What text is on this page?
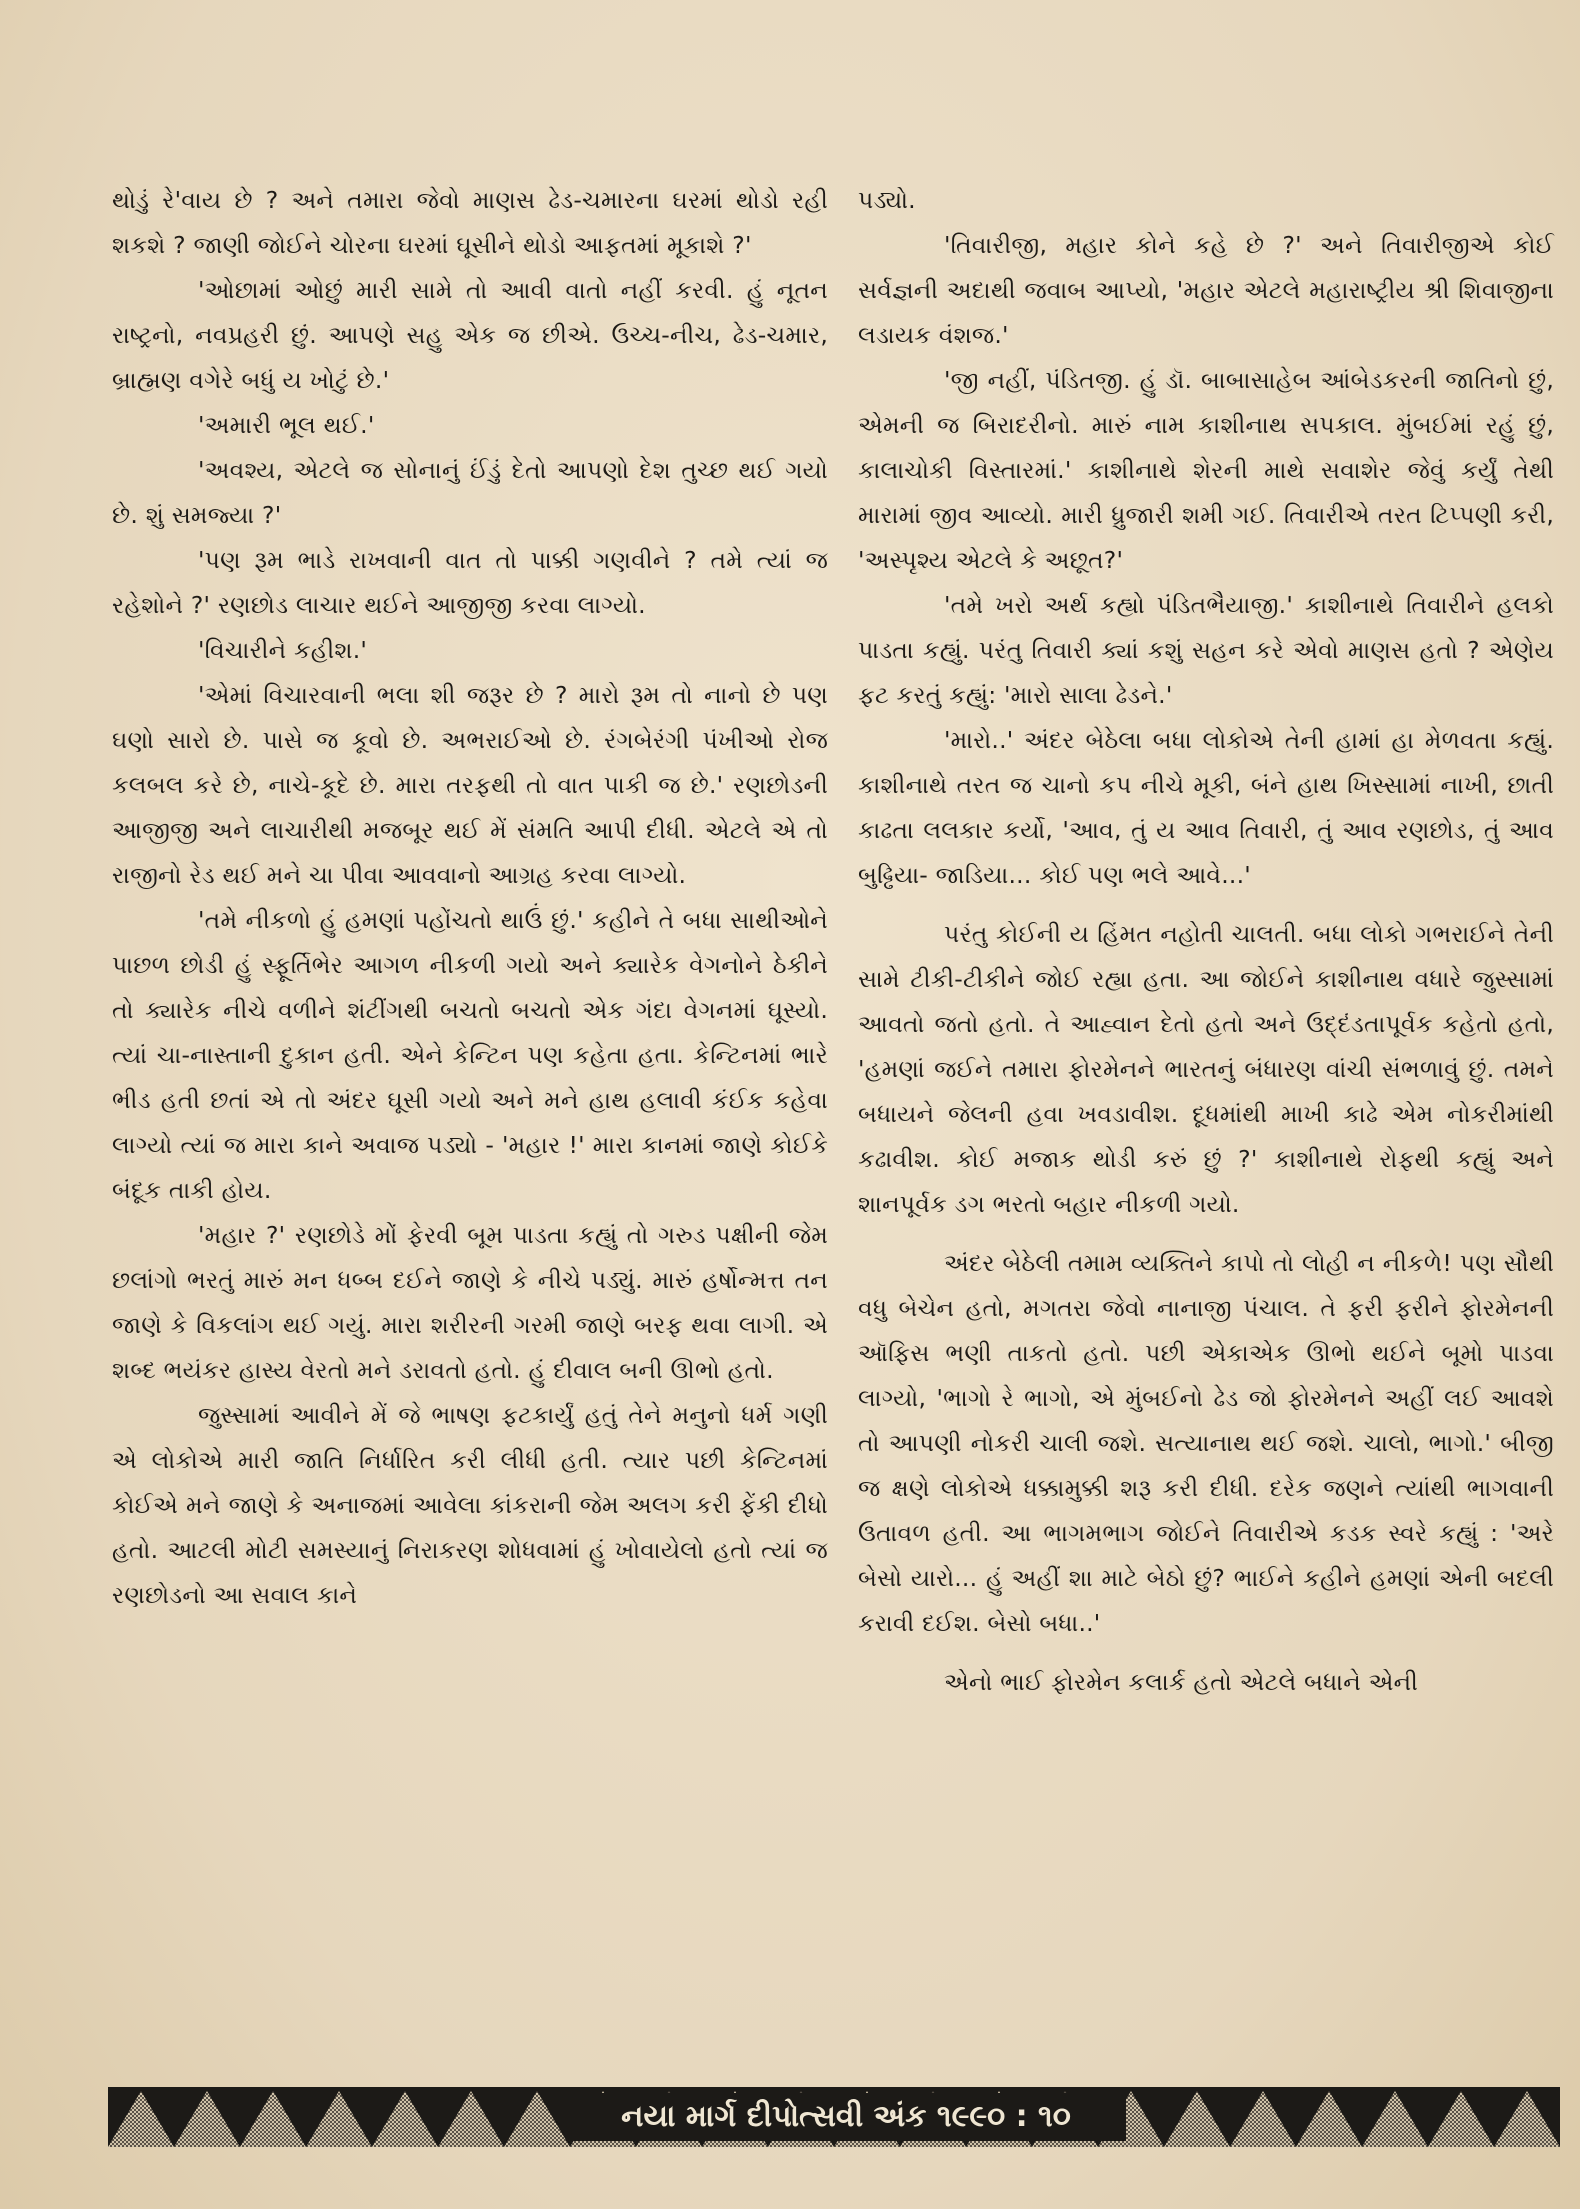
થોડું રે'વાય છે ? અને તમારા જેવો માણસ ઢેડ-ચમારના ઘરમાં થોડો રહી શકશે ? જાણી જોઈને ચોરના ઘરમાં ઘૂસીને થોડો આફતમાં મૂકાશે ?'

'ઓછામાં ઓછું મારી સામે તો આવી વાતો નહીં કરવી. હું નૂતન રાષ્ટ્રનો, નવપ્રહરી છું. આપણે સહુ એક જ છીએ. ઉચ્ચ-નીચ, ઢેડ-ચમાર, બ્રાહ્મણ વગેરે બધું ય ખોટું છે.'

'અમારી ભૂલ થઈ.'

'અવશ્ય, એટલે જ સોનાનું ઈંડું દેતો આપણો દેશ તુચ્છ થઈ ગયો છે. શું સમજ્યા ?'

'પણ રૂમ ભાડે રાખવાની વાત તો પાક્કી ગણવીને ? તમે ત્યાં જ રહેશોને ?' રણછોડ લાચાર થઈને આજીજી કરવા લાગ્યો.

'વિચારીને કહીશ.'

'એમાં વિચારવાની ભલા શી જરૂર છે ? મારો રૂમ તો નાનો છે પણ ઘણો સારો છે. પાસે જ કૂવો છે. અભરાઈઓ છે. રંગબેરંગી પંખીઓ રોજ કલબલ કરે છે, નાચે-કૂદે છે. મારા તરફથી તો વાત પાકી જ છે.' રણછોડની આજીજી અને લાચારીથી મજબૂર થઈ મેં સંમતિ આપી દીધી. એટલે એ તો રાજીનો રેડ થઈ મને ચા પીવા આવવાનો આગ્રહ કરવા લાગ્યો.

'તમે નીકળો હું હમણાં પહોંચતો થાઉં છું.' કહીને તે બધા સાથીઓને પાછળ છોડી હું સ્ફૂર્તિભેર આગળ નીકળી ગયો અને ક્યારેક વેગનોને ઠેકીને તો ક્યારેક નીચે વળીને શંટીંગથી બચતો બચતો એક ગંદા વેગનમાં ઘૂસ્યો. ત્યાં ચા-નાસ્તાની દુકાન હતી. એને કેન્ટિન પણ કહેતા હતા. કેન્ટિનમાં ભારે ભીડ હતી છતાં એ તો અંદર ઘૂસી ગયો અને મને હાથ હલાવી કંઈક કહેવા લાગ્યો ત્યાં જ મારા કાને અવાજ પડ્યો - 'મહાર !' મારા કાનમાં જાણે કોઈકે બંદૂક તાકી હોય.

'મહાર ?' રણછોડે મોં ફેરવી બૂમ પાડતા કહ્યું તો ગરુડ પક્ષીની જેમ છલાંગો ભરતું મારું મન ધબ્બ દઈને જાણે કે નીચે પડ્યું. મારું હર્ષોન્મત્ત તન જાણે કે વિકલાંગ થઈ ગયું. મારા શરીરની ગરમી જાણે બરફ થવા લાગી. એ શબ્દ ભયંકર હાસ્ય વેરતો મને ડરાવતો હતો. હું દીવાલ બની ઊભો હતો.

જુસ્સામાં આવીને મેં જે ભાષણ ફટકાર્યું હતું તેને મનુનો ધર્મ ગણી એ લોકોએ મારી જાતિ નિર્ધારિત કરી લીધી હતી. ત્યાર પછી કેન્ટિનમાં કોઈએ મને જાણે કે અનાજમાં આવેલા કાંકરાની જેમ અલગ કરી ફેંકી દીધો હતો. આટલી મોટી સમસ્યાનું નિરાકરણ શોધવામાં હું ખોવાયેલો હતો ત્યાં જ રણછોડનો આ સવાલ કાને

પડ્યો.

'તિવારીજી, મહાર કોને કહે છે ?' અને તિવારીજીએ કોઈ સર્વજ્ઞની અદાથી જવાબ આપ્યો, 'મહાર એટલે મહારાષ્ટ્રીય શ્રી શિવાજીના લડાયક વંશજ.'

'જી નહીં, પંડિતજી. હું ડૉ. બાબાસાહેબ આંબેડકરની જાતિનો છું, એમની જ બિરાદરીનો. મારું નામ કાશીનાથ સપકાલ. મુંબઈમાં રહું છું, કાલાચોકી વિસ્તારમાં.' કાશીનાથે શેરની માથે સવાશેર જેવું કર્યું તેથી મારામાં જીવ આવ્યો. મારી ધ્રુજારી શમી ગઈ. તિવારીએ તરત ટિપ્પણી કરી, 'અસ્પૃશ્ય એટલે કે અછૂત?'

'તમે ખરો અર્થ કહ્યો પંડિતભૈયાજી.' કાશીનાથે તિવારીને હલકો પાડતા કહ્યું. પરંતુ તિવારી ક્યાં કશું સહન કરે એવો માણસ હતો ? એણેય ફટ કરતું કહ્યું: 'મારો સાલા ઢેડને.'

'મારો..' અંદર બેઠેલા બધા લોકોએ તેની હામાં હા મેળવતા કહ્યું. કાશીનાથે તરત જ ચાનો કપ નીચે મૂકી, બંને હાથ ખિસ્સામાં નાખી, છાતી કાઢતા લલકાર કર્યો, 'આવ, તું ય આવ તિવારી, તું આવ રણછોડ, તું આવ બુઢ્ઢિયા- જાડિયા... કોઈ પણ ભલે આવે...'

પરંતુ કોઈની ય હિંમત નહોતી ચાલતી. બધા લોકો ગભરાઈને તેની સામે ટીકી-ટીકીને જોઈ રહ્યા હતા. આ જોઈને કાશીનાથ વધારે જુસ્સામાં આવતો જતો હતો. તે આહ્વાન દેતો હતો અને ઉદ્દંડતાપૂર્વક કહેતો હતો, 'હમણાં જઈને તમારા ફોરમેનને ભારતનું બંધારણ વાંચી સંભળાવું છું. તમને બધાયને જેલની હવા ખવડાવીશ. દૂધમાંથી માખી કાઢે એમ નોકરીમાંથી કઢાવીશ. કોઈ મજાક થોડી કરું છું ?' કાશીનાથે રોફથી કહ્યું અને શાનપૂર્વક ડગ ભરતો બહાર નીકળી ગયો.

અંદર બેઠેલી તમામ વ્યક્તિને કાપો તો લોહી ન નીકળે! પણ સૌથી વધુ બેચેન હતો, મગતરા જેવો નાનાજી પંચાલ. તે ફરી ફરીને ફોરમેનની ઑફિસ ભણી તાકતો હતો. પછી એકાએક ઊભો થઈને બૂમો પાડવા લાગ્યો, 'ભાગો રે ભાગો, એ મુંબઈનો ઢેડ જો ફોરમેનને અહીં લઈ આવશે તો આપણી નોકરી ચાલી જશે. સત્યાનાથ થઈ જશે. ચાલો, ભાગો.' બીજી જ ક્ષણે લોકોએ ધક્કામુક્કી શરૂ કરી દીધી. દરેક જણને ત્યાંથી ભાગવાની ઉતાવળ હતી. આ ભાગમભાગ જોઈને તિવારીએ કડક સ્વરે કહ્યું : 'અરે બેસો યારો... હું અહીં શા માટે બેઠો છું? ભાઈને કહીને હમણાં એની બદલી કરાવી દઈશ. બેસો બધા..'

એનો ભાઈ ફોરમેન કલાર્ક હતો એટલે બધાને એની

નયા માર્ગ દીપોત્સવી અંક ૧૯૯૦ : ૧૦
